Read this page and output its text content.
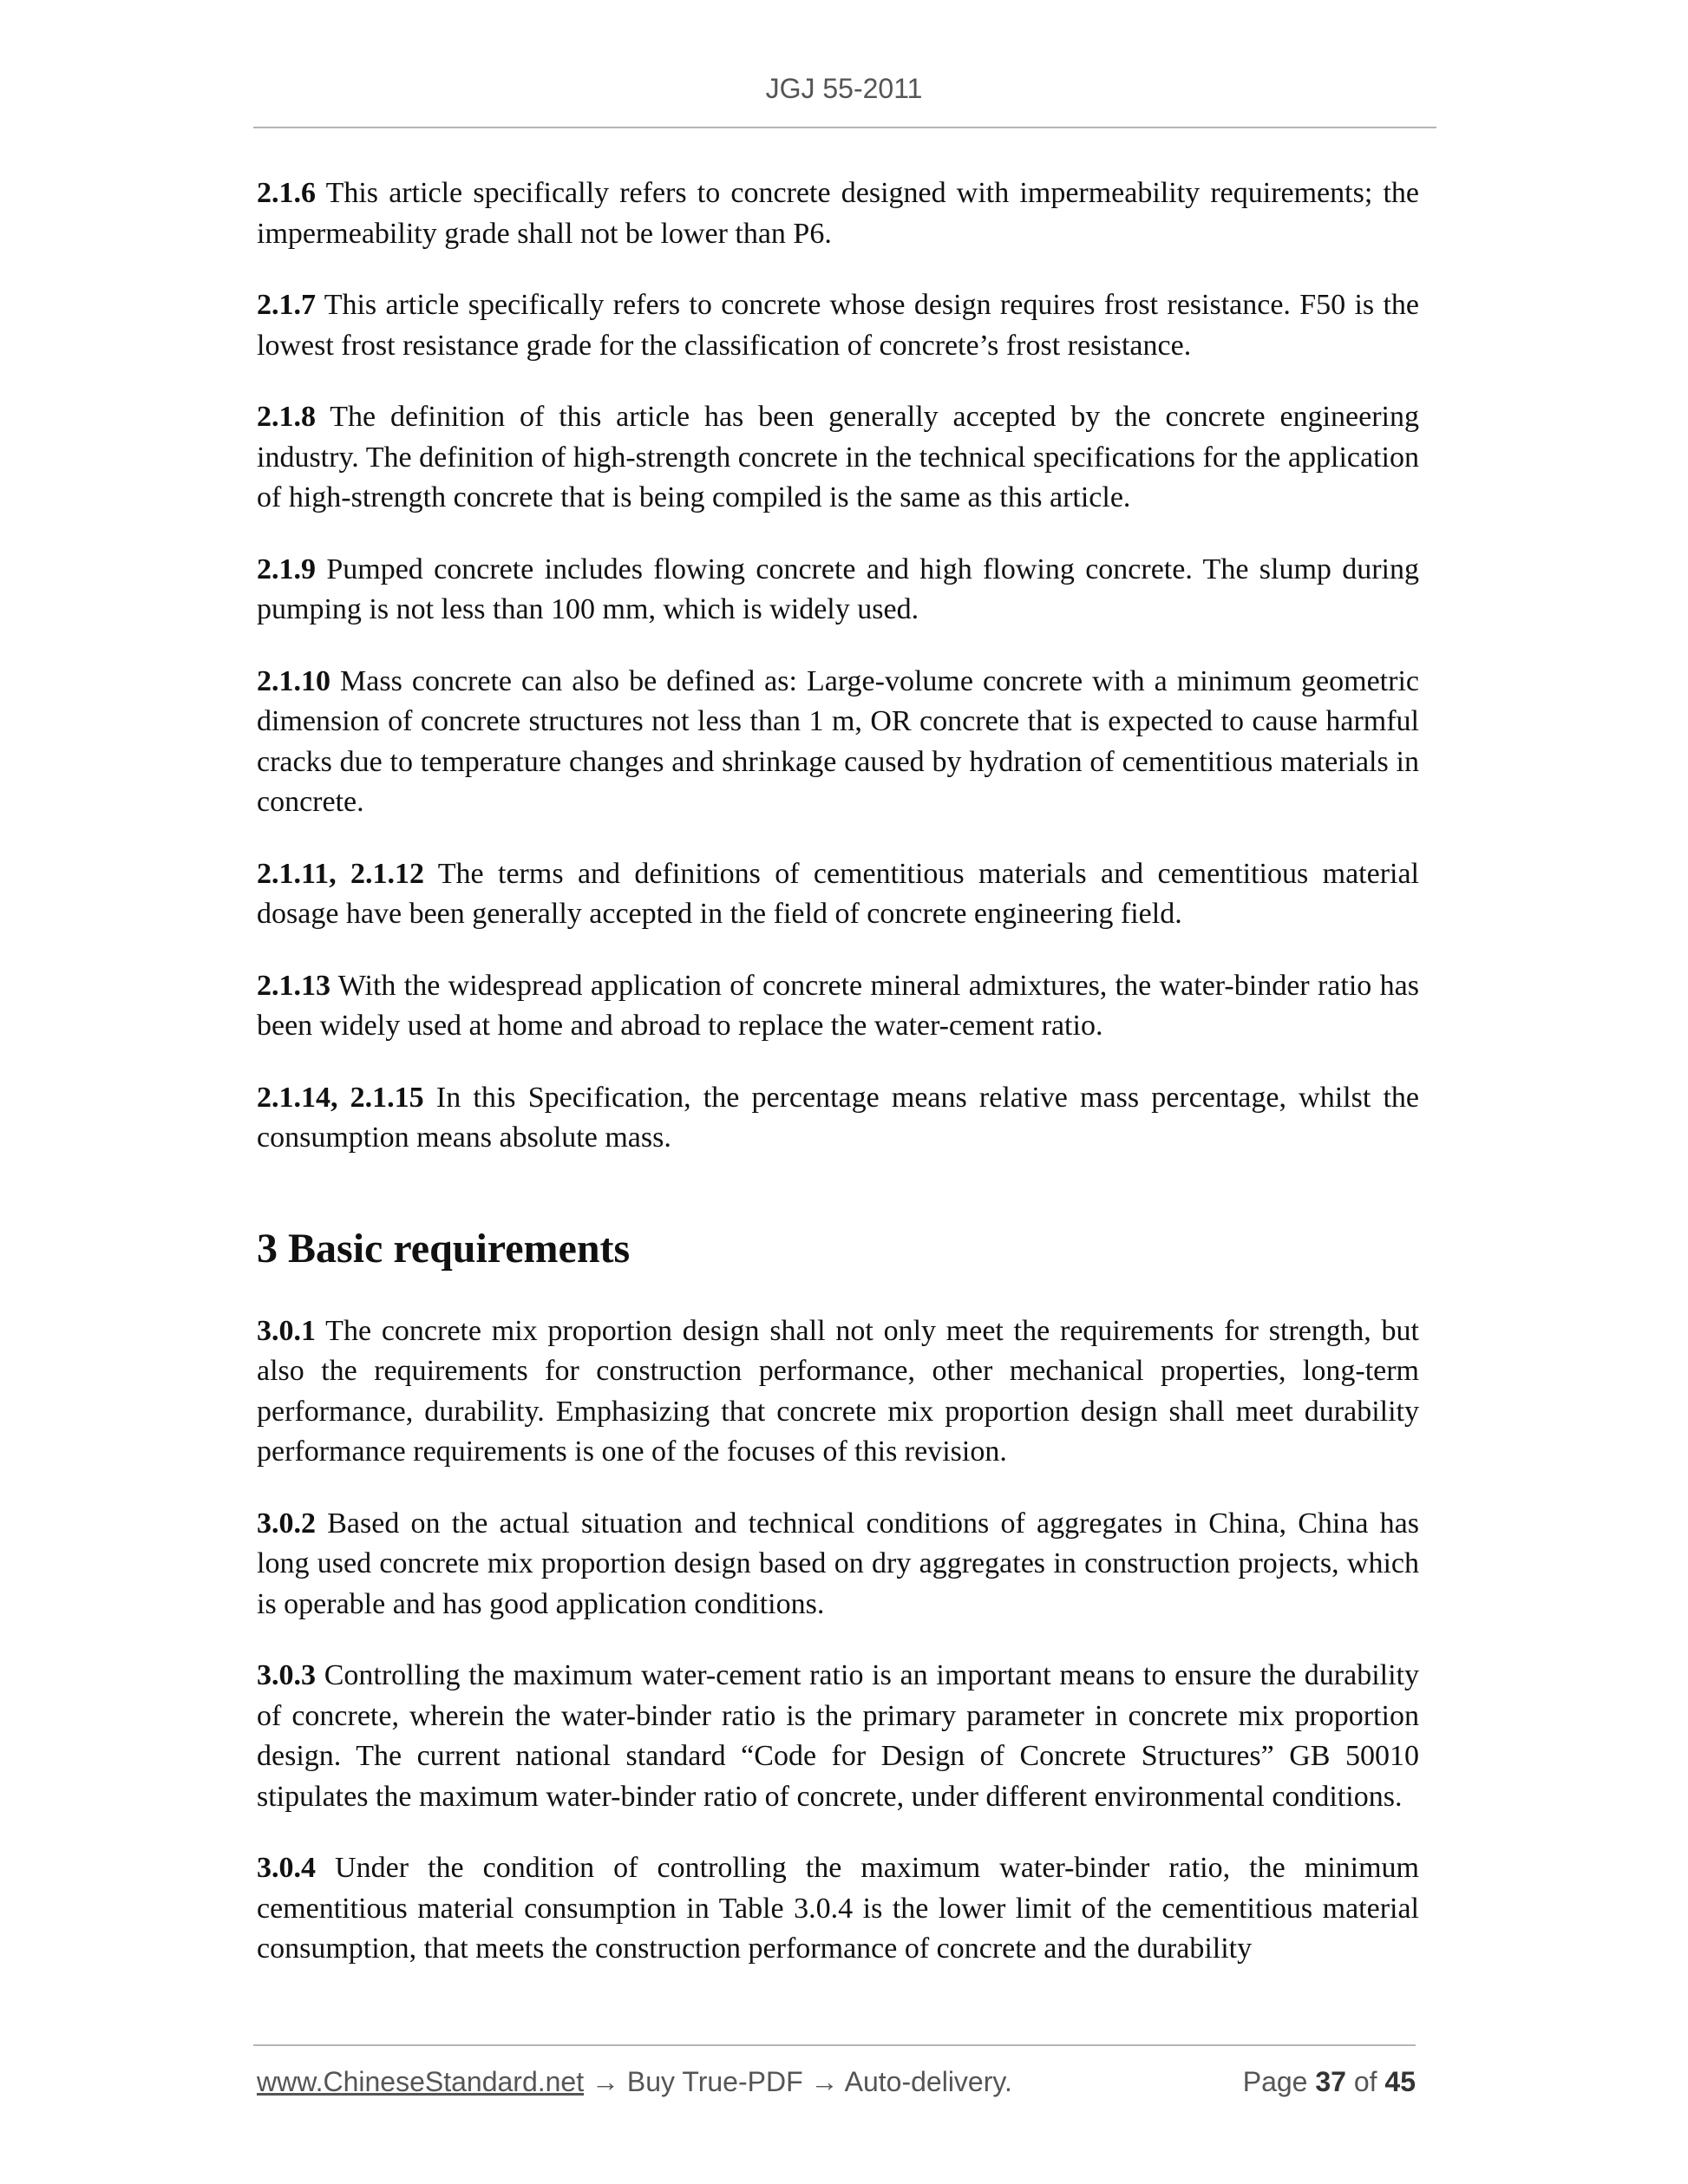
JGJ 55-2011

2.1.6 This article specifically refers to concrete designed with impermeability requirements; the impermeability grade shall not be lower than P6.

2.1.7 This article specifically refers to concrete whose design requires frost resistance. F50 is the lowest frost resistance grade for the classification of concrete’s frost resistance.

2.1.8 The definition of this article has been generally accepted by the concrete engineering industry. The definition of high-strength concrete in the technical specifications for the application of high-strength concrete that is being compiled is the same as this article.

2.1.9 Pumped concrete includes flowing concrete and high flowing concrete. The slump during pumping is not less than 100 mm, which is widely used.

2.1.10 Mass concrete can also be defined as: Large-volume concrete with a minimum geometric dimension of concrete structures not less than 1 m, OR concrete that is expected to cause harmful cracks due to temperature changes and shrinkage caused by hydration of cementitious materials in concrete.

2.1.11, 2.1.12 The terms and definitions of cementitious materials and cementitious material dosage have been generally accepted in the field of concrete engineering field.

2.1.13 With the widespread application of concrete mineral admixtures, the water-binder ratio has been widely used at home and abroad to replace the water-cement ratio.

2.1.14, 2.1.15 In this Specification, the percentage means relative mass percentage, whilst the consumption means absolute mass.

3 Basic requirements

3.0.1 The concrete mix proportion design shall not only meet the requirements for strength, but also the requirements for construction performance, other mechanical properties, long-term performance, durability. Emphasizing that concrete mix proportion design shall meet durability performance requirements is one of the focuses of this revision.

3.0.2 Based on the actual situation and technical conditions of aggregates in China, China has long used concrete mix proportion design based on dry aggregates in construction projects, which is operable and has good application conditions.

3.0.3 Controlling the maximum water-cement ratio is an important means to ensure the durability of concrete, wherein the water-binder ratio is the primary parameter in concrete mix proportion design. The current national standard “Code for Design of Concrete Structures” GB 50010 stipulates the maximum water-binder ratio of concrete, under different environmental conditions.

3.0.4 Under the condition of controlling the maximum water-binder ratio, the minimum cementitious material consumption in Table 3.0.4 is the lower limit of the cementitious material consumption, that meets the construction performance of concrete and the durability

www.ChineseStandard.net → Buy True-PDF → Auto-delivery.	Page 37 of 45
